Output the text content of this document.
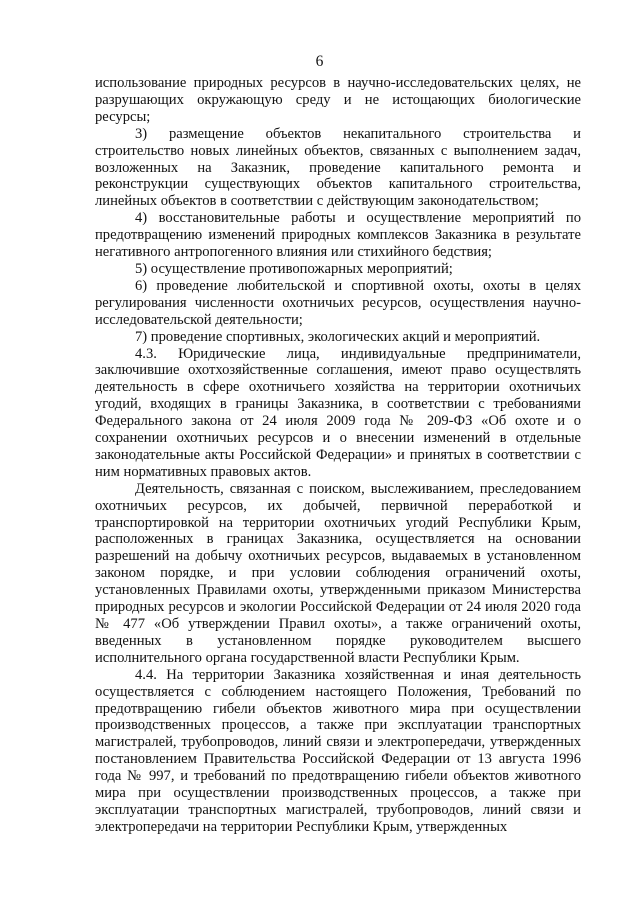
6

использование природных ресурсов в научно-исследовательских целях, не разрушающих окружающую среду и не истощающих биологические ресурсы;

3) размещение объектов некапитального строительства и строительство новых линейных объектов, связанных с выполнением задач, возложенных на Заказник, проведение капитального ремонта и реконструкции существующих объектов капитального строительства, линейных объектов в соответствии с действующим законодательством;

4) восстановительные работы и осуществление мероприятий по предотвращению изменений природных комплексов Заказника в результате негативного антропогенного влияния или стихийного бедствия;

5) осуществление противопожарных мероприятий;

6) проведение любительской и спортивной охоты, охоты в целях регулирования численности охотничьих ресурсов, осуществления научно-исследовательской деятельности;

7) проведение спортивных, экологических акций и мероприятий.

4.3. Юридические лица, индивидуальные предприниматели, заключившие охотхозяйственные соглашения, имеют право осуществлять деятельность в сфере охотничьего хозяйства на территории охотничьих угодий, входящих в границы Заказника, в соответствии с требованиями Федерального закона от 24 июля 2009 года № 209-ФЗ «Об охоте и о сохранении охотничьих ресурсов и о внесении изменений в отдельные законодательные акты Российской Федерации» и принятых в соответствии с ним нормативных правовых актов.

Деятельность, связанная с поиском, выслеживанием, преследованием охотничьих ресурсов, их добычей, первичной переработкой и транспортировкой на территории охотничьих угодий Республики Крым, расположенных в границах Заказника, осуществляется на основании разрешений на добычу охотничьих ресурсов, выдаваемых в установленном законом порядке, и при условии соблюдения ограничений охоты, установленных Правилами охоты, утвержденными приказом Министерства природных ресурсов и экологии Российской Федерации от 24 июля 2020 года № 477 «Об утверждении Правил охоты», а также ограничений охоты, введенных в установленном порядке руководителем высшего исполнительного органа государственной власти Республики Крым.

4.4. На территории Заказника хозяйственная и иная деятельность осуществляется с соблюдением настоящего Положения, Требований по предотвращению гибели объектов животного мира при осуществлении производственных процессов, а также при эксплуатации транспортных магистралей, трубопроводов, линий связи и электропередачи, утвержденных постановлением Правительства Российской Федерации от 13 августа 1996 года № 997, и требований по предотвращению гибели объектов животного мира при осуществлении производственных процессов, а также при эксплуатации транспортных магистралей, трубопроводов, линий связи и электропередачи на территории Республики Крым, утвержденных
